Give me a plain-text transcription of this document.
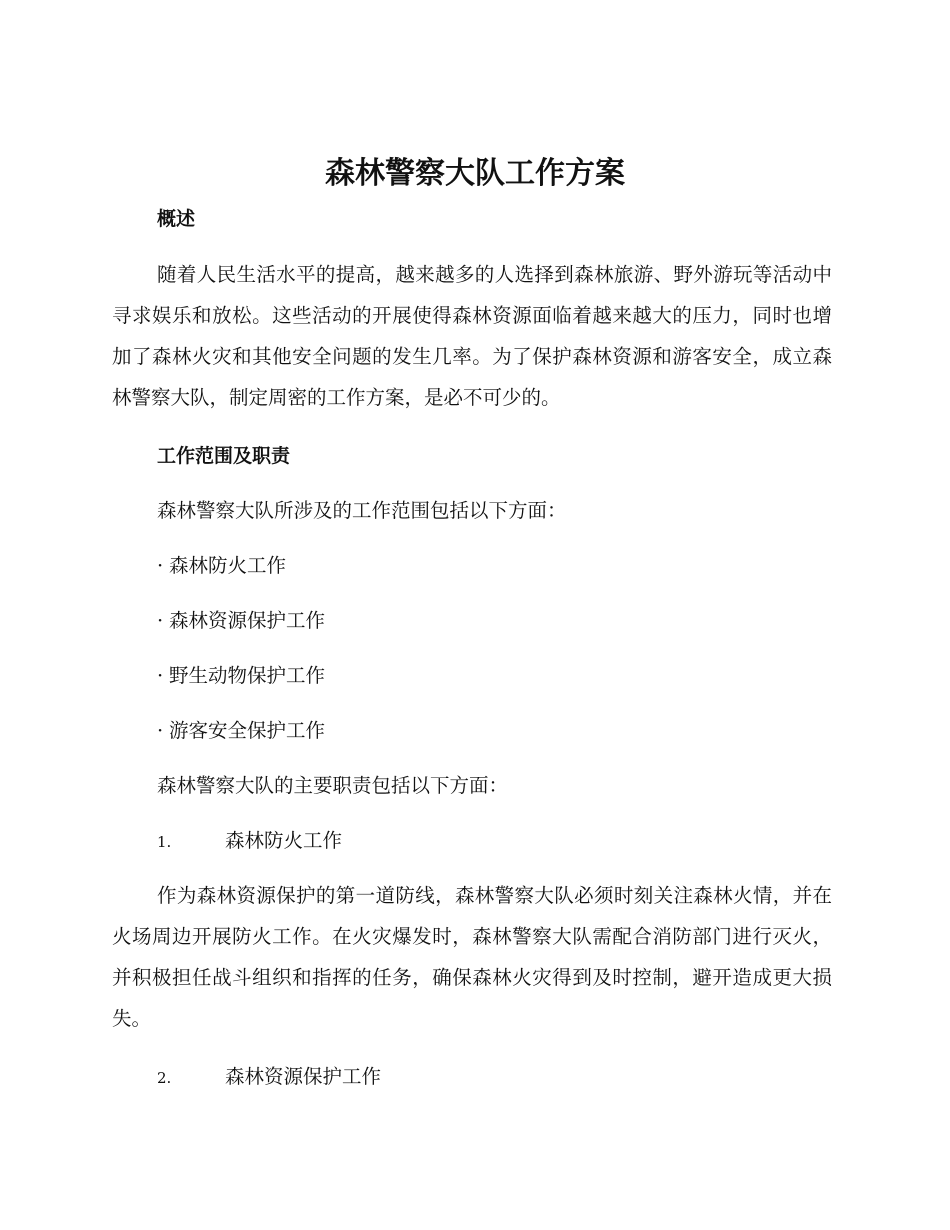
森林警察大队工作方案
概述

随着人民生活水平的提高，越来越多的人选择到森林旅游、野外游玩等活动中寻求娱乐和放松。这些活动的开展使得森林资源面临着越来越大的压力，同时也增加了森林火灾和其他安全问题的发生几率。为了保护森林资源和游客安全，成立森林警察大队，制定周密的工作方案，是必不可少的。

工作范围及职责

森林警察大队所涉及的工作范围包括以下方面：

· 森林防火工作

· 森林资源保护工作

· 野生动物保护工作

· 游客安全保护工作

森林警察大队的主要职责包括以下方面：

1.	森林防火工作

作为森林资源保护的第一道防线，森林警察大队必须时刻关注森林火情，并在火场周边开展防火工作。在火灾爆发时，森林警察大队需配合消防部门进行灭火，并积极担任战斗组织和指挥的任务，确保森林火灾得到及时控制，避开造成更大损失。

2.	森林资源保护工作
